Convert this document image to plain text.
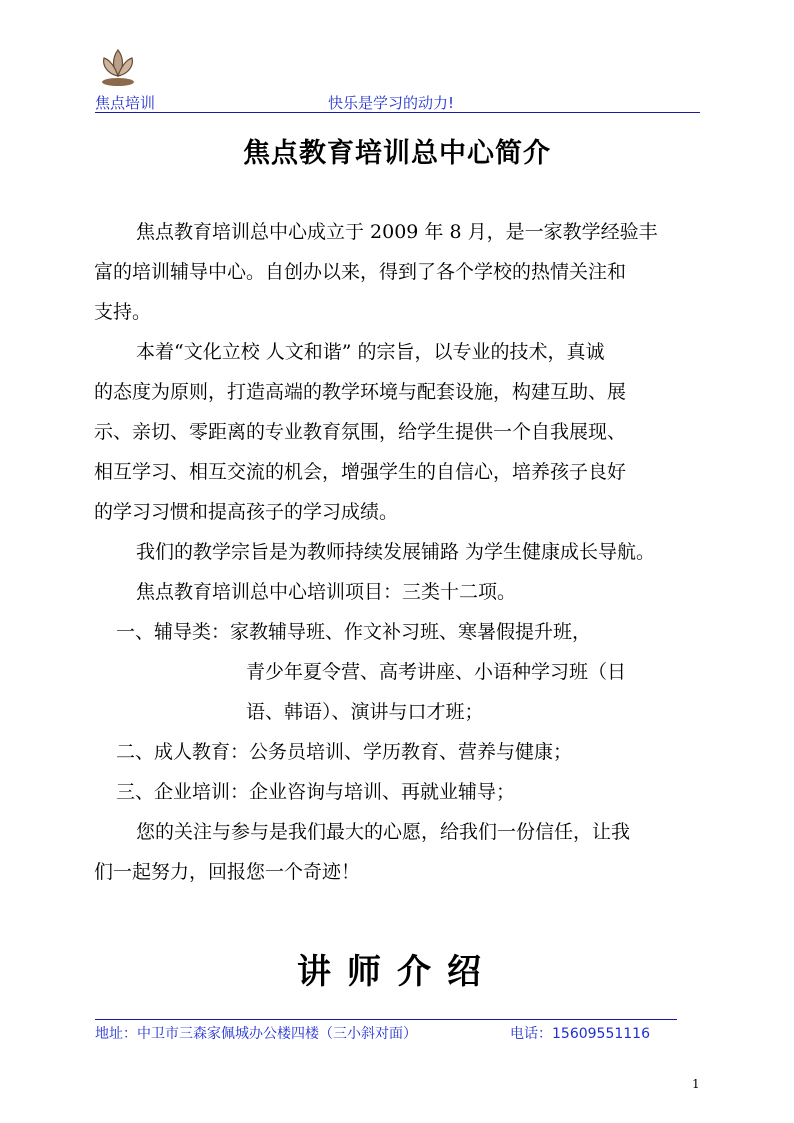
焦点培训	快乐是学习的动力!
焦点教育培训总中心简介

焦点教育培训总中心成立于 2009 年 8 月，是一家教学经验丰

富的培训辅导中心。自创办以来，得到了各个学校的热情关注和

支持。

本着“文化立校 人文和谐” 的宗旨，以专业的技术，真诚

的态度为原则，打造高端的教学环境与配套设施，构建互助、展

示、亲切、零距离的专业教育氛围，给学生提供一个自我展现、

相互学习、相互交流的机会，增强学生的自信心，培养孩子良好

的学习习惯和提高孩子的学习成绩。

我们的教学宗旨是为教师持续发展铺路 为学生健康成长导航。

焦点教育培训总中心培训项目：三类十二项。

一、辅导类：家教辅导班、作文补习班、寒暑假提升班，

青少年夏令营、高考讲座、小语种学习班（日

语、韩语）、演讲与口才班；

二、成人教育：公务员培训、学历教育、营养与健康；

三、企业培训：企业咨询与培训、再就业辅导；

您的关注与参与是我们最大的心愿，给我们一份信任，让我

们一起努力，回报您一个奇迹！

讲师介绍
地址：中卫市三森家佩城办公楼四楼（三小斜对面）	电话：15609551116
1
